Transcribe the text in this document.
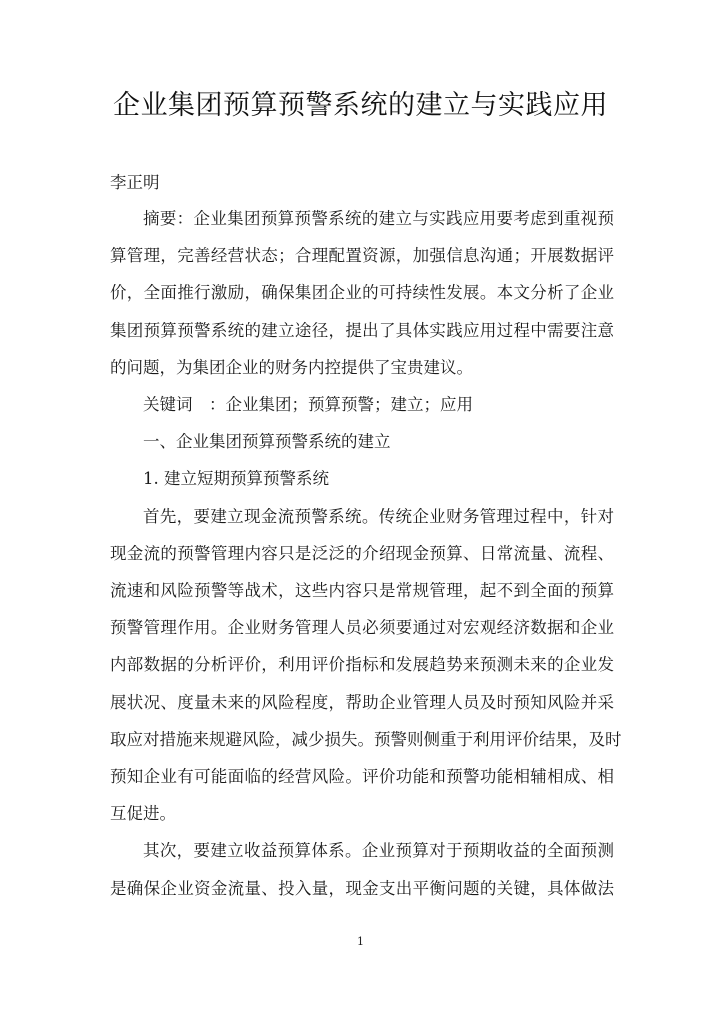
企业集团预算预警系统的建立与实践应用
李正明
摘要：企业集团预算预警系统的建立与实践应用要考虑到重视预
算管理，完善经营状态；合理配置资源，加强信息沟通；开展数据评
价，全面推行激励，确保集团企业的可持续性发展。本文分析了企业
集团预算预警系统的建立途径，提出了具体实践应用过程中需要注意
的问题，为集团企业的财务内控提供了宝贵建议。
关键词　：企业集团；预算预警；建立；应用
一、企业集团预算预警系统的建立
1. 建立短期预算预警系统
首先，要建立现金流预警系统。传统企业财务管理过程中，针对
现金流的预警管理内容只是泛泛的介绍现金预算、日常流量、流程、
流速和风险预警等战术，这些内容只是常规管理，起不到全面的预算
预警管理作用。企业财务管理人员必须要通过对宏观经济数据和企业
内部数据的分析评价，利用评价指标和发展趋势来预测未来的企业发
展状况、度量未来的风险程度，帮助企业管理人员及时预知风险并采
取应对措施来规避风险，减少损失。预警则侧重于利用评价结果，及时
预知企业有可能面临的经营风险。评价功能和预警功能相辅相成、相
互促进。
其次，要建立收益预算体系。企业预算对于预期收益的全面预测
是确保企业资金流量、投入量，现金支出平衡问题的关键，具体做法
1
